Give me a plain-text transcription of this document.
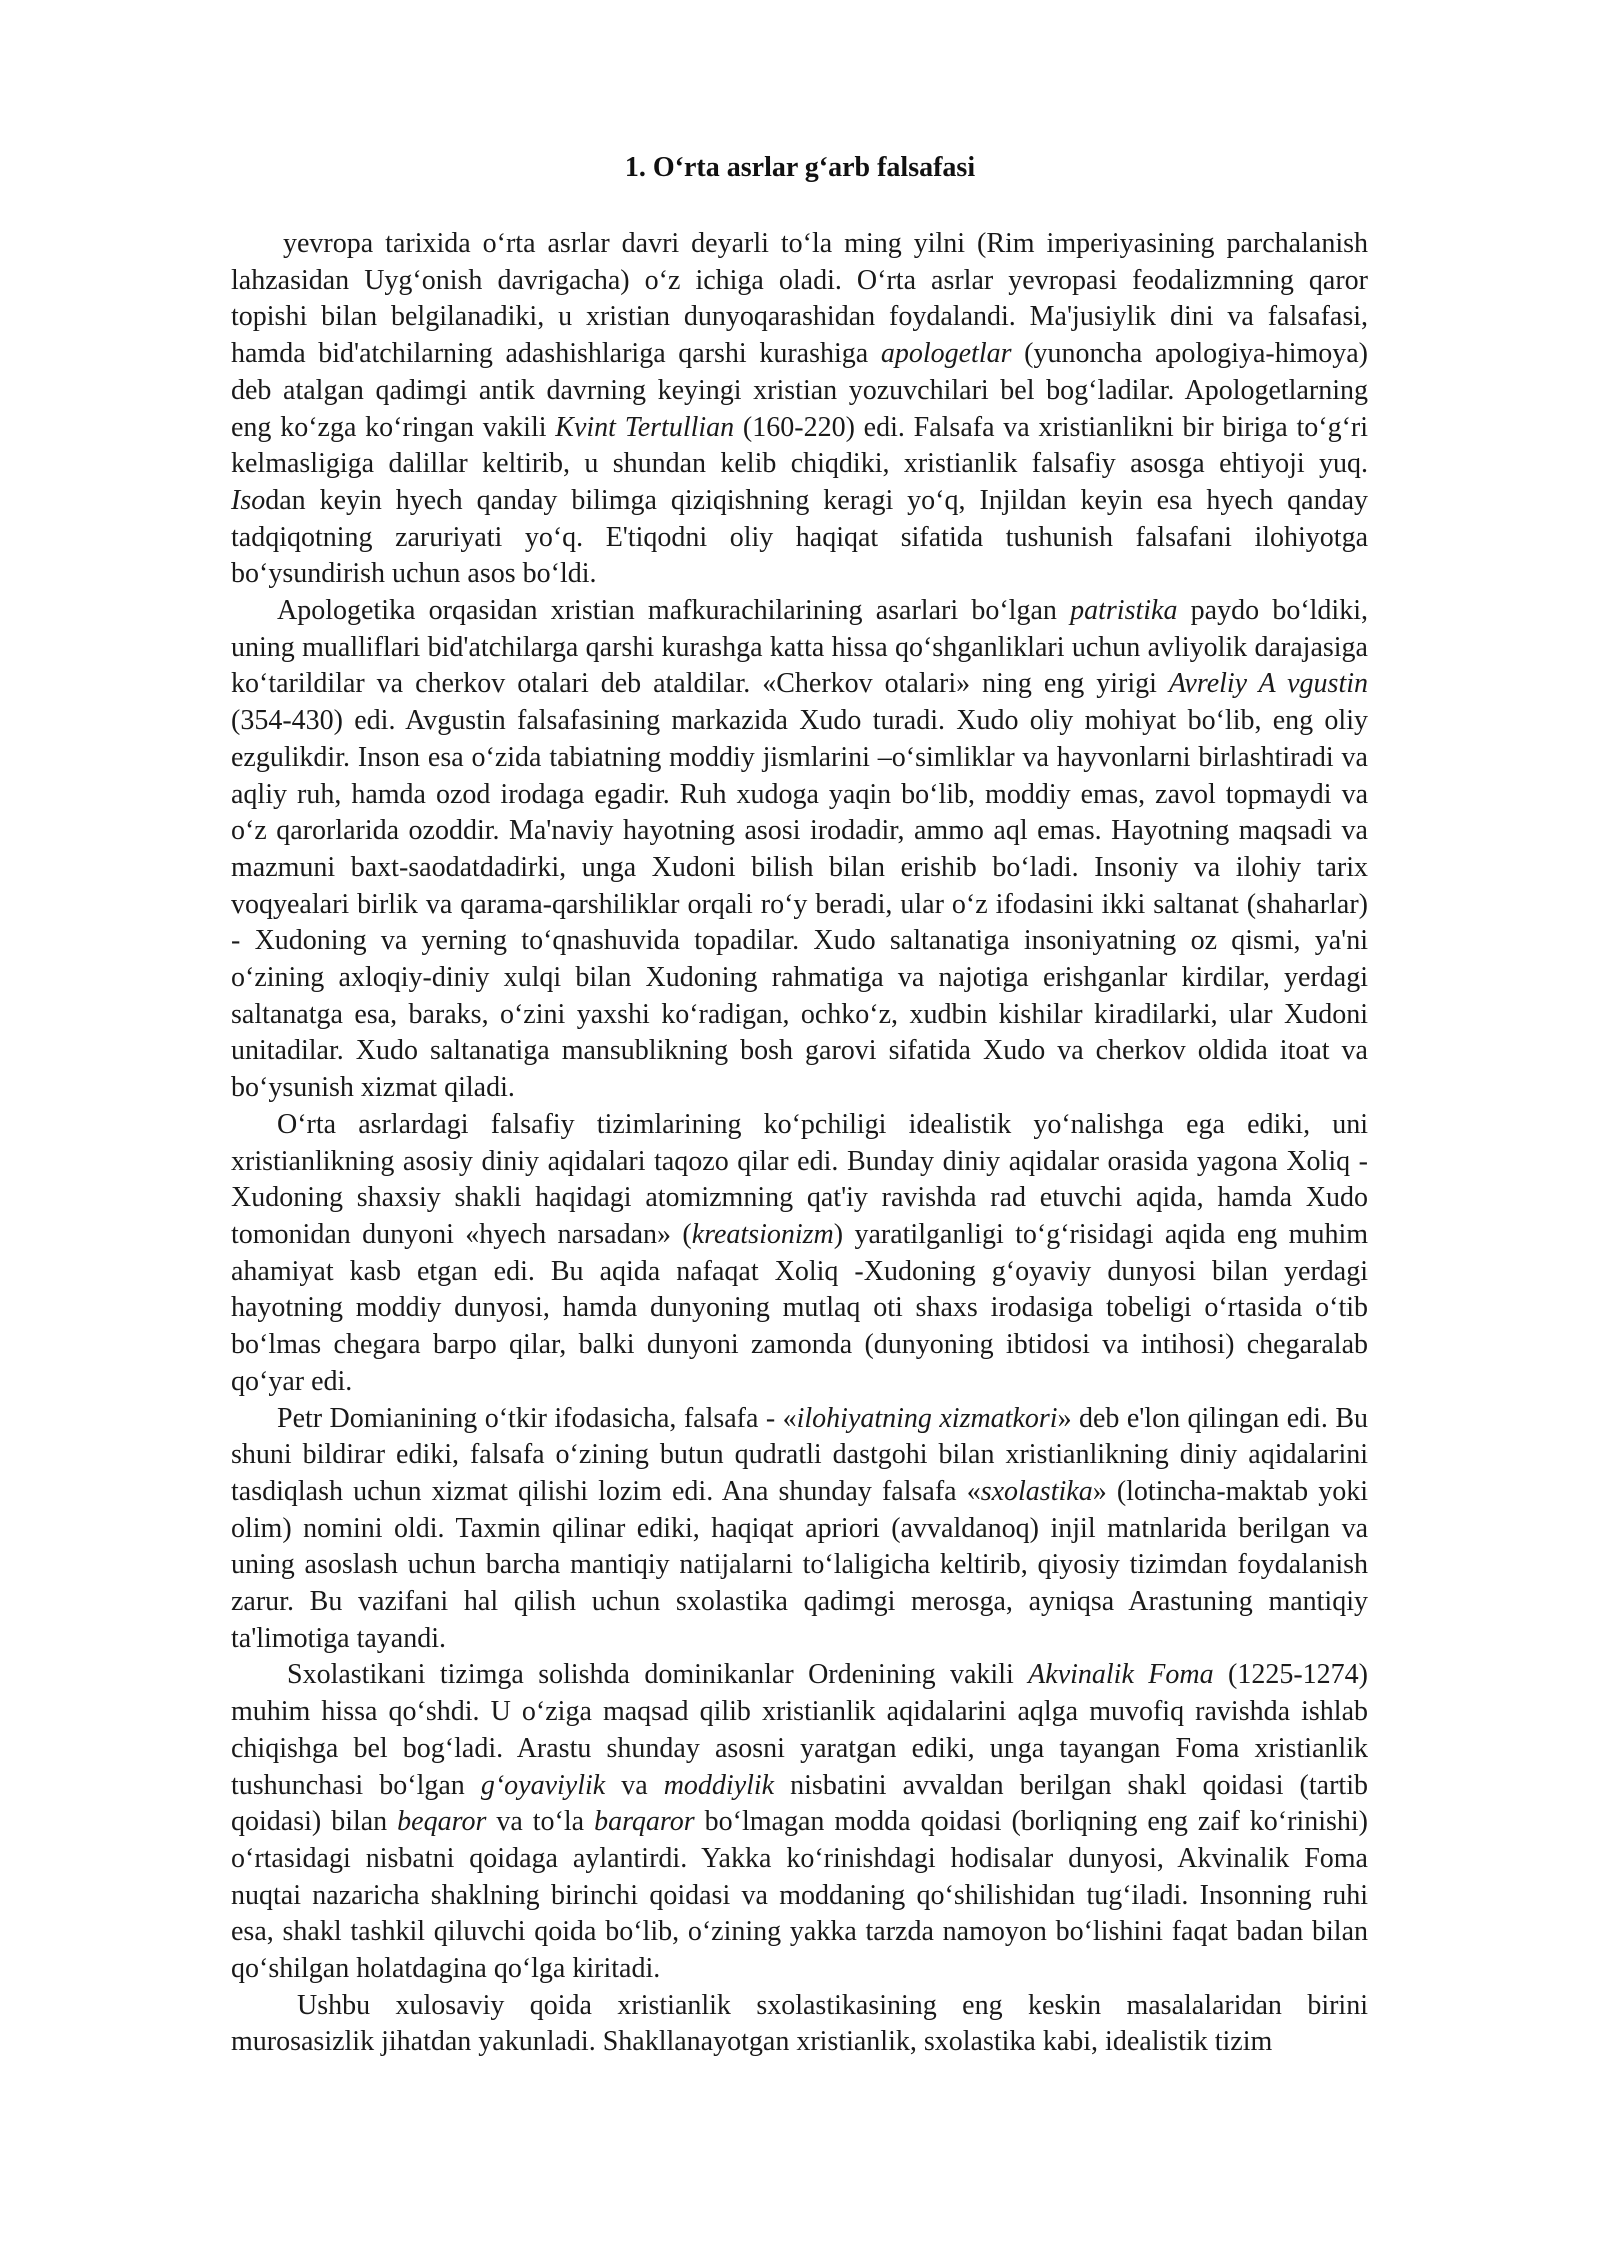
1. O‘rta asrlar g‘arb falsafasi

yevropa tarixida o‘rta asrlar davri deyarli to‘la ming yilni (Rim imperiyasining parchalanish lahzasidan Uyg‘onish davrigacha) o‘z ichiga oladi. O‘rta asrlar yevropasi feodalizmning qaror topishi bilan belgilanadiki, u xristian dunyoqarashidan foydalandi. Ma'jusiylik dini va falsafasi, hamda bid'atchilarning adashishlariga qarshi kurashiga apologetlar (yunoncha apologiya-himoya) deb atalgan qadimgi antik davrning keyingi xristian yozuvchilari bel bog‘ladilar. Apologetlarning eng ko‘zga ko‘ringan vakili Kvint Tertullian (160-220) edi. Falsafa va xristianlikni bir biriga to‘g‘ri kelmasligiga dalillar keltirib, u shundan kelib chiqdiki, xristianlik falsafiy asosga ehtiyoji yuq. Isodan keyin hyech qanday bilimga qiziqishning keragi yo‘q, Injildan keyin esa hyech qanday tadqiqotning zaruriyati yo‘q. E'tiqodni oliy haqiqat sifatida tushunish falsafani ilohiyotga bo‘ysundirish uchun asos bo‘ldi.

Apologetika orqasidan xristian mafkurachilarining asarlari bo‘lgan patristika paydo bo‘ldiki, uning mualliflari bid'atchilarga qarshi kurashga katta hissa qo‘shganliklari uchun avliyolik darajasiga ko‘tarildilar va cherkov otalari deb ataldilar. «Cherkov otalari» ning eng yirigi Avreliy A vgustin (354-430) edi. Avgustin falsafasining markazida Xudo turadi. Xudo oliy mohiyat bo‘lib, eng oliy ezgulikdir. Inson esa o‘zida tabiatning moddiy jismlarini –o‘simliklar va hayvonlarni birlashtiradi va aqliy ruh, hamda ozod irodaga egadir. Ruh xudoga yaqin bo‘lib, moddiy emas, zavol topmaydi va o‘z qarorlarida ozoddir. Ma'naviy hayotning asosi irodadir, ammo aql emas. Hayotning maqsadi va mazmuni baxt-saodatdadirki, unga Xudoni bilish bilan erishib bo‘ladi. Insoniy va ilohiy tarix voqyealari birlik va qarama-qarshiliklar orqali ro‘y beradi, ular o‘z ifodasini ikki saltanat (shaharlar) - Xudoning va yerning to‘qnashuvida topadilar. Xudo saltanatiga insoniyatning oz qismi, ya'ni o‘zining axloqiy-diniy xulqi bilan Xudoning rahmatiga va najotiga erishganlar kirdilar, yerdagi saltanatga esa, baraks, o‘zini yaxshi ko‘radigan, ochko‘z, xudbin kishilar kiradilarki, ular Xudoni unitadilar. Xudo saltanatiga mansublikning bosh garovi sifatida Xudo va cherkov oldida itoat va bo‘ysunish xizmat qiladi.

O‘rta asrlardagi falsafiy tizimlarining ko‘pchiligi idealistik yo‘nalishga ega ediki, uni xristianlikning asosiy diniy aqidalari taqozo qilar edi. Bunday diniy aqidalar orasida yagona Xoliq - Xudoning shaxsiy shakli haqidagi atomizmning qat'iy ravishda rad etuvchi aqida, hamda Xudo tomonidan dunyoni «hyech narsadan» (kreatsionizm) yaratilganligi to‘g‘risidagi aqida eng muhim ahamiyat kasb etgan edi. Bu aqida nafaqat Xoliq -Xudoning g‘oyaviy dunyosi bilan yerdagi hayotning moddiy dunyosi, hamda dunyoning mutlaq oti shaxs irodasiga tobeligi o‘rtasida o‘tib bo‘lmas chegara barpo qilar, balki dunyoni zamonda (dunyoning ibtidosi va intihosi) chegaralab qo‘yar edi.

Petr Domianining o‘tkir ifodasicha, falsafa - «ilohiyatning xizmatkori» deb e'lon qilingan edi. Bu shuni bildirar ediki, falsafa o‘zining butun qudratli dastgohi bilan xristianlikning diniy aqidalarini tasdiqlash uchun xizmat qilishi lozim edi. Ana shunday falsafa «sxolastika» (lotincha-maktab yoki olim) nomini oldi. Taxmin qilinar ediki, haqiqat apriori (avvaldanoq) injil matnlarida berilgan va uning asoslash uchun barcha mantiqiy natijalarni to‘laligicha keltirib, qiyosiy tizimdan foydalanish zarur. Bu vazifani hal qilish uchun sxolastika qadimgi merosga, ayniqsa Arastuning mantiqiy ta'limotiga tayandi.

Sxolastikani tizimga solishda dominikanlar Ordenining vakili Akvinalik Foma (1225-1274) muhim hissa qo‘shdi. U o‘ziga maqsad qilib xristianlik aqidalarini aqlga muvofiq ravishda ishlab chiqishga bel bog‘ladi. Arastu shunday asosni yaratgan ediki, unga tayangan Foma xristianlik tushunchasi bo‘lgan g‘oyaviylik va moddiylik nisbatini avvaldan berilgan shakl qoidasi (tartib qoidasi) bilan beqaror va to‘la barqaror bo‘lmagan modda qoidasi (borliqning eng zaif ko‘rinishi) o‘rtasidagi nisbatni qoidaga aylantirdi. Yakka ko‘rinishdagi hodisalar dunyosi, Akvinalik Foma nuqtai nazaricha shaklning birinchi qoidasi va moddaning qo‘shilishidan tug‘iladi. Insonning ruhi esa, shakl tashkil qiluvchi qoida bo‘lib, o‘zining yakka tarzda namoyon bo‘lishini faqat badan bilan qo‘shilgan holatdagina qo‘lga kiritadi.

Ushbu xulosaviy qoida xristianlik sxolastikasining eng keskin masalalaridan birini murosasizlik jihatdan yakunladi. Shakllanayotgan xristianlik, sxolastika kabi, idealistik tizim
